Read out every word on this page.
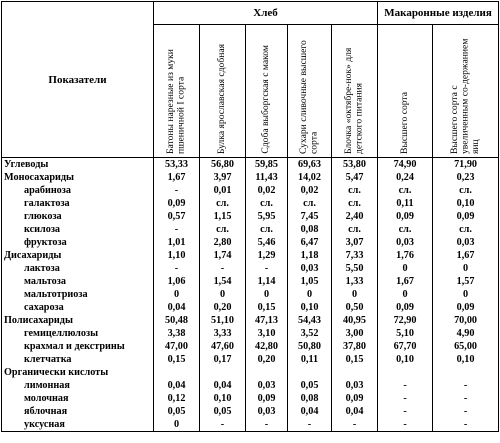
Показатели	Хлеб					Макаронные изделия	

	Батоны нарезные из муки пшеничной I сорта	Булка ярославская сдобная	Сдоба выборгская с маком	Сухари сливочные высшего сорта	Блочка «октябре-нок» для детского питания	Высшего сорта	Высшего сорта с увеличенным со-держанием яиц

Углеводы	53,33	56,80	59,85	69,63	53,80	74,90	71,90
Моносахариды	1,67	3,97	11,43	14,02	5,47	0,24	0,23
арабиноза	-	0,01	0,02	0,02	сл.	сл.	сл.
галактоза	0,09	сл.	сл.	сл.	сл.	0,11	0,10
глюкоза	0,57	1,15	5,95	7,45	2,40	0,09	0,09
ксилоза	-	сл.	сл.	0,08	сл.	сл.	сл.
фруктоза	1,01	2,80	5,46	6,47	3,07	0,03	0,03
Дисахариды	1,10	1,74	1,29	1,18	7,33	1,76	1,67
лактоза	-	-	-	0,03	5,50	0	0
мальтоза	1,06	1,54	1,14	1,05	1,33	1,67	1,57
мальтотриоза	0	0	0	0	0	0	0
сахароза	0,04	0,20	0,15	0,10	0,50	0,09	0,09
Полисахариды	50,48	51,10	47,13	54,43	40,95	72,90	70,00
гемицеллюлозы	3,38	3,33	3,10	3,52	3,00	5,10	4,90
крахмал и декстрины	47,00	47,60	42,80	50,80	37,80	67,70	65,00
клетчатка	0,15	0,17	0,20	0,11	0,15	0,10	0,10
Органически кислоты							
лимонная	0,04	0,04	0,03	0,05	0,03	-	-
молочная	0,12	0,10	0,09	0,08	0,09	-	-
яблочная	0,05	0,05	0,03	0,04	0,04	-	-
уксусная	0	-	-	-	-	-	-
